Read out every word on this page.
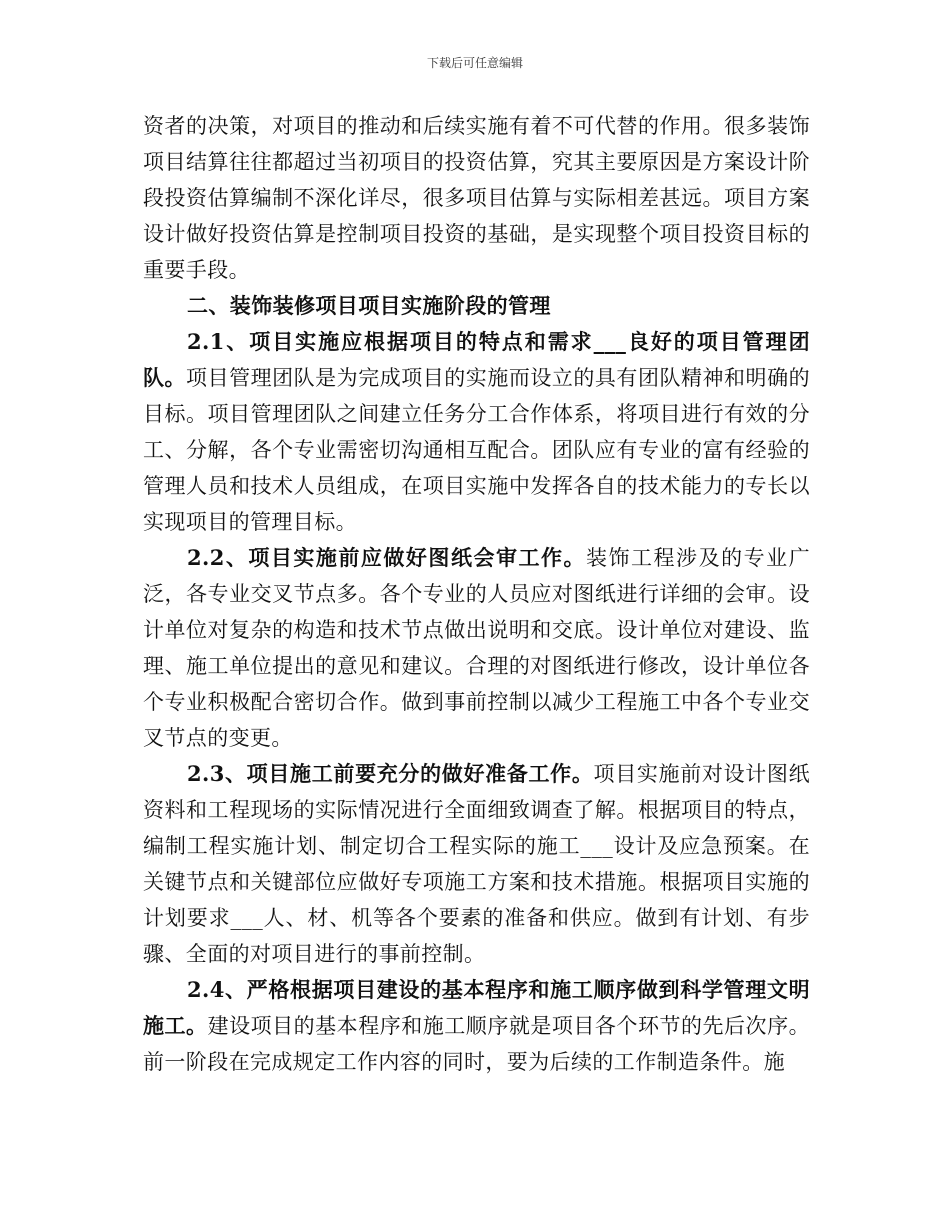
下载后可任意编辑

资者的决策，对项目的推动和后续实施有着不可代替的作用。很多装饰项目结算往往都超过当初项目的投资估算，究其主要原因是方案设计阶段投资估算编制不深化详尽，很多项目估算与实际相差甚远。项目方案设计做好投资估算是控制项目投资的基础，是实现整个项目投资目标的重要手段。

二、装饰装修项目项目实施阶段的管理

2.1、项目实施应根据项目的特点和需求___良好的项目管理团队。项目管理团队是为完成项目的实施而设立的具有团队精神和明确的目标。项目管理团队之间建立任务分工合作体系，将项目进行有效的分工、分解，各个专业需密切沟通相互配合。团队应有专业的富有经验的管理人员和技术人员组成，在项目实施中发挥各自的技术能力的专长以实现项目的管理目标。

2.2、项目实施前应做好图纸会审工作。装饰工程涉及的专业广泛，各专业交叉节点多。各个专业的人员应对图纸进行详细的会审。设计单位对复杂的构造和技术节点做出说明和交底。设计单位对建设、监理、施工单位提出的意见和建议。合理的对图纸进行修改，设计单位各个专业积极配合密切合作。做到事前控制以减少工程施工中各个专业交叉节点的变更。

2.3、项目施工前要充分的做好准备工作。项目实施前对设计图纸资料和工程现场的实际情况进行全面细致调查了解。根据项目的特点，编制工程实施计划、制定切合工程实际的施工___设计及应急预案。在关键节点和关键部位应做好专项施工方案和技术措施。根据项目实施的计划要求___人、材、机等各个要素的准备和供应。做到有计划、有步骤、全面的对项目进行的事前控制。

2.4、严格根据项目建设的基本程序和施工顺序做到科学管理文明施工。建设项目的基本程序和施工顺序就是项目各个环节的先后次序。前一阶段在完成规定工作内容的同时，要为后续的工作制造条件。施
